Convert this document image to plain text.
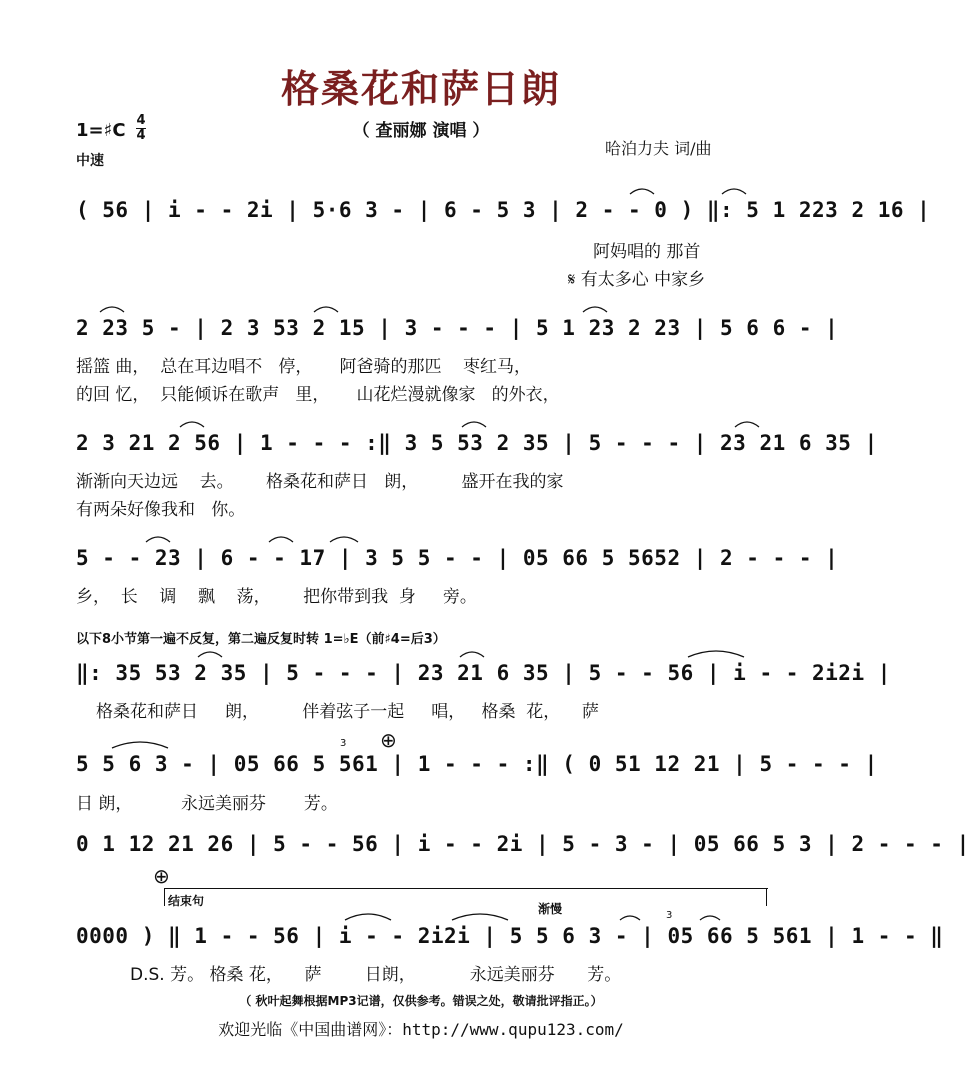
格桑花和萨日朗
（ 查丽娜 演唱 ）
1=♯C 4
4
中速
哈泊力夫 词/曲
( 56 | i - - 2i | 5·6 3 - | 6 - 5 3 | 2 - - 0 ) ‖: 5 1 223 2 16 |
阿妈唱的 那首
𝄋 有太多心 中家乡
2 23 5 - | 2 3 53 2 15 | 3 - - - | 5 1 23 2 23 | 5 6 6 - |
摇篮 曲，  总在耳边唱不   停，     阿爸骑的那匹    枣红马，
的回 忆，  只能倾诉在歌声   里，     山花烂漫就像家   的外衣，
2 3 21 2 56 | 1 - - - :‖ 3 5 53 2 35 | 5 - - - | 23 21 6 35 |
渐渐向天边远    去。      格桑花和萨日   朗，        盛开在我的家
有两朵好像我和   你。
5 - - 23 | 6 - - 17 | 3 5 5 - - | 05 66 5 5652 | 2 - - - |
乡，  长    调    飘    荡，      把你带到我  身     旁。
以下8小节第一遍不反复，第二遍反复时转 1=♭E（前♯4=后3）
‖: 35 53 2 35 | 5 - - - | 23 21 6 35 | 5 - - 56 | i - - 2i2i |
格桑花和萨日     朗，        伴着弦子一起     唱，   格桑  花，    萨
⊕
3
5 5 6 3 - | 05 66 5 561 | 1 - - - :‖ ( 0 51 12 21 | 5 - - - |
日 朗，         永远美丽芬       芳。
0 1 12 21 26 | 5 - - 56 | i - - 2i | 5 - 3 - | 05 66 5 3 | 2 - - - |
⊕
结束句
渐慢	3
0000 ) ‖ 1 - - 56 | i - - 2i2i | 5 5 6 3 - | 05 66 5 561 | 1 - - ‖
D.S. 芳。 格桑 花，    萨        日朗，          永远美丽芬      芳。
（ 秋叶起舞根据MP3记谱，仅供参考。错误之处，敬请批评指正。）
欢迎光临《中国曲谱网》：http://www.qupu123.com/
